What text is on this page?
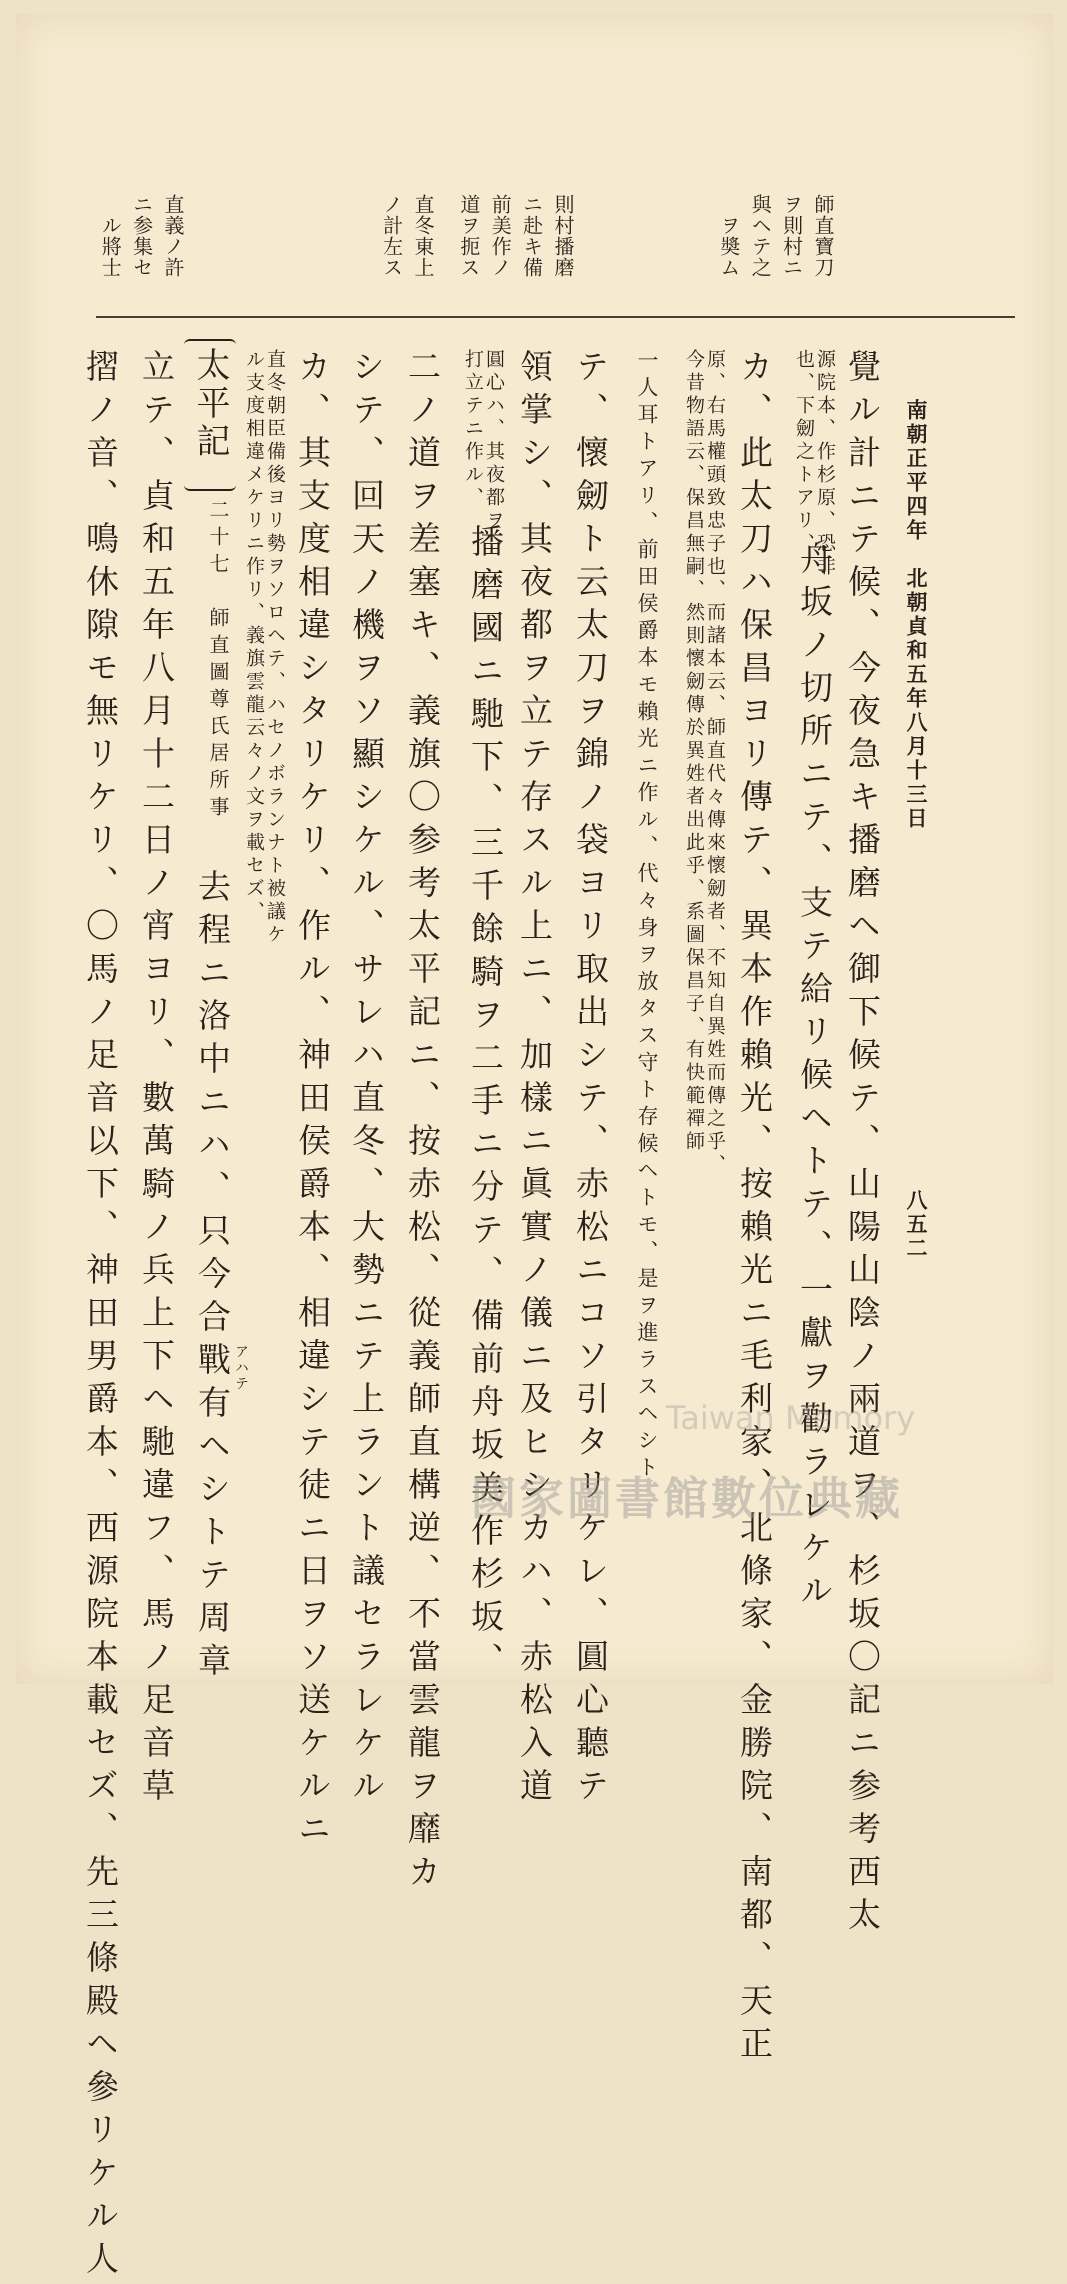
ヲ奬ム 與ヘテ之 ヲ則村ニ 師直寶刀
道ヲ扼ス 前美作ノ ニ赴キ備 則村播磨
ノ計左ス 直冬東上
ル將士 ニ参集セ 直義ノ許
南朝正平四年　北朝貞和五年八月十三日
八五二
覺ル計ニテ候、今夜急キ播磨ヘ御下候テ、山陽山陰ノ兩道ヲ、杉坂〇記ニ参考西太
源院本、作杉原、恐非
也、下劒之トアリ、
舟坂ノ切所ニテ、支テ給リ候ヘトテ、一獻ヲ勸ラレケル
カ、此太刀ハ保昌ヨリ傳テ、異本作賴光、按賴光ニ毛利家、北條家、金勝院、南都、天正
原、右馬權頭致忠子也、而諸本云、師直代々傳來懷劒者、不知自異姓而傳之乎、
今昔物語云、保昌無嗣、然則懷劒傳於異姓者出此乎、系圖保昌子、有快範禪師
一人耳トアリ、前田侯爵本モ賴光ニ作ル、代々身ヲ放タス守ト存候ヘトモ、是ヲ進ラスヘシト
テ、懷劒ト云太刀ヲ錦ノ袋ヨリ取出シテ、赤松ニコソ引タリケレ、圓心聽テ
領掌シ、其夜都ヲ立テ存スル上ニ、加樣ニ眞實ノ儀ニ及ヒシカハ、赤松入道
圓心ハ、其夜都ヲ
打立テニ作ル、
播磨國ニ馳下、三千餘騎ヲ二手ニ分テ、備前舟坂美作杉坂、
二ノ道ヲ差塞キ、義旗〇参考太平記ニ、按赤松、從義師直構逆、不當雲龍ヲ靡カ
シテ、回天ノ機ヲソ顯シケル、サレハ直冬、大勢ニテ上ラント議セラレケル
カ、其支度相違シタリケリ、作ル、神田侯爵本、相違シテ徒ニ日ヲソ送ケルニ
直冬朝臣備後ヨリ勢ヲソロヘテ、ハセノボランナト被議ケ
ル支度相違メケリニ作リ、義旗雲龍云々ノ文ヲ載セズ、
太平記
二十七　師直圖尊氏居所事
去程ニ洛中ニハ、只今合戰有ヘシトテ周章 アハテ
立テ、貞和五年八月十二日ノ宵ヨリ、數萬騎ノ兵上下ヘ馳違フ、馬ノ足音草
摺ノ音、鳴休隙モ無リケリ、〇馬ノ足音以下、神田男爵本、西源院本載セズ、先三條殿ヘ參リケル人	Taiwan Memory
國家圖書館數位典藏
